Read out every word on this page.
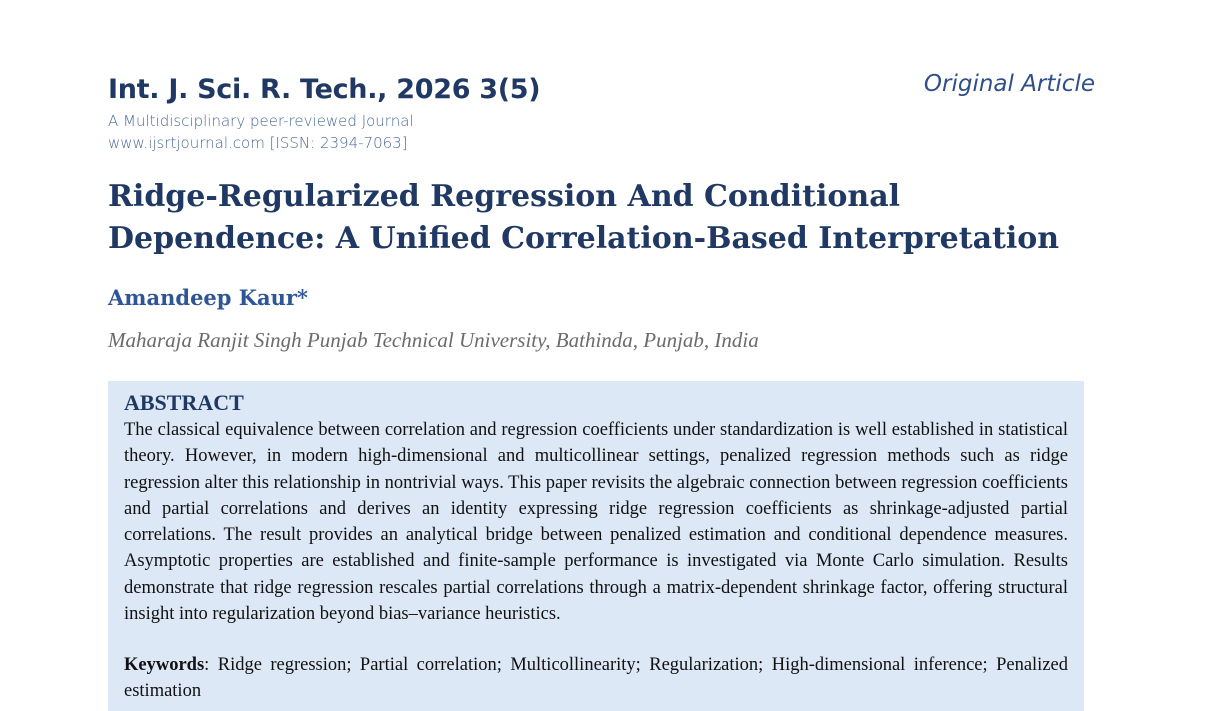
Int. J. Sci. R. Tech., 2026 3(5)	Original Article
A Multidisciplinary peer-reviewed Journal
www.ijsrtjournal.com [ISSN: 2394-7063]
Ridge-Regularized Regression And Conditional Dependence: A Unified Correlation-Based Interpretation
Amandeep Kaur*
Maharaja Ranjit Singh Punjab Technical University, Bathinda, Punjab, India
ABSTRACT

The classical equivalence between correlation and regression coefficients under standardization is well established in statistical theory. However, in modern high-dimensional and multicollinear settings, penalized regression methods such as ridge regression alter this relationship in nontrivial ways. This paper revisits the algebraic connection between regression coefficients and partial correlations and derives an identity expressing ridge regression coefficients as shrinkage-adjusted partial correlations. The result provides an analytical bridge between penalized estimation and conditional dependence measures. Asymptotic properties are established and finite-sample performance is investigated via Monte Carlo simulation. Results demonstrate that ridge regression rescales partial correlations through a matrix-dependent shrinkage factor, offering structural insight into regularization beyond bias–variance heuristics.

Keywords: Ridge regression; Partial correlation; Multicollinearity; Regularization; High-dimensional inference; Penalized estimation
